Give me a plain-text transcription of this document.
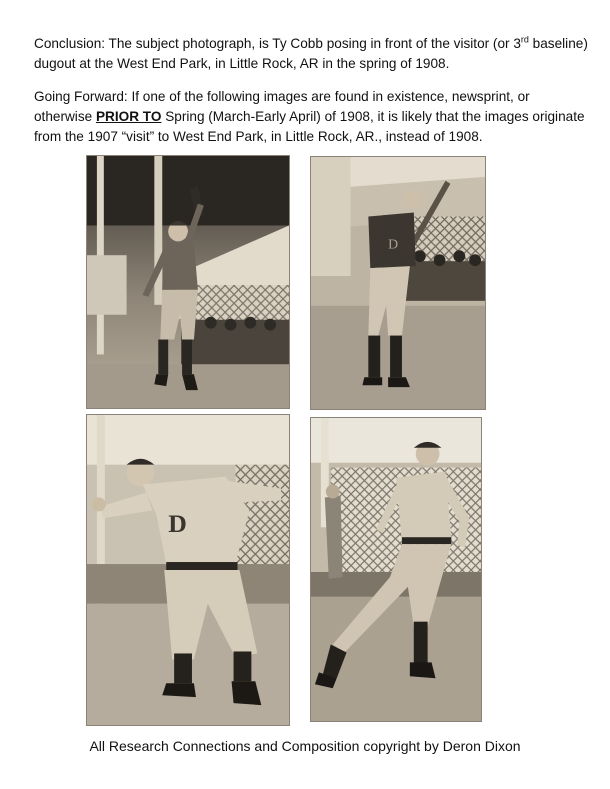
Conclusion: The subject photograph, is Ty Cobb posing in front of the visitor (or 3rd baseline) dugout at the West End Park, in Little Rock, AR in the spring of 1908.

Going Forward: If one of the following images are found in existence, newsprint, or otherwise PRIOR TO Spring (March-Early April) of 1908, it is likely that the images originate from the 1907 “visit” to West End Park, in Little Rock, AR., instead of 1908.

D
D
All Research Connections and Composition copyright by Deron Dixon
